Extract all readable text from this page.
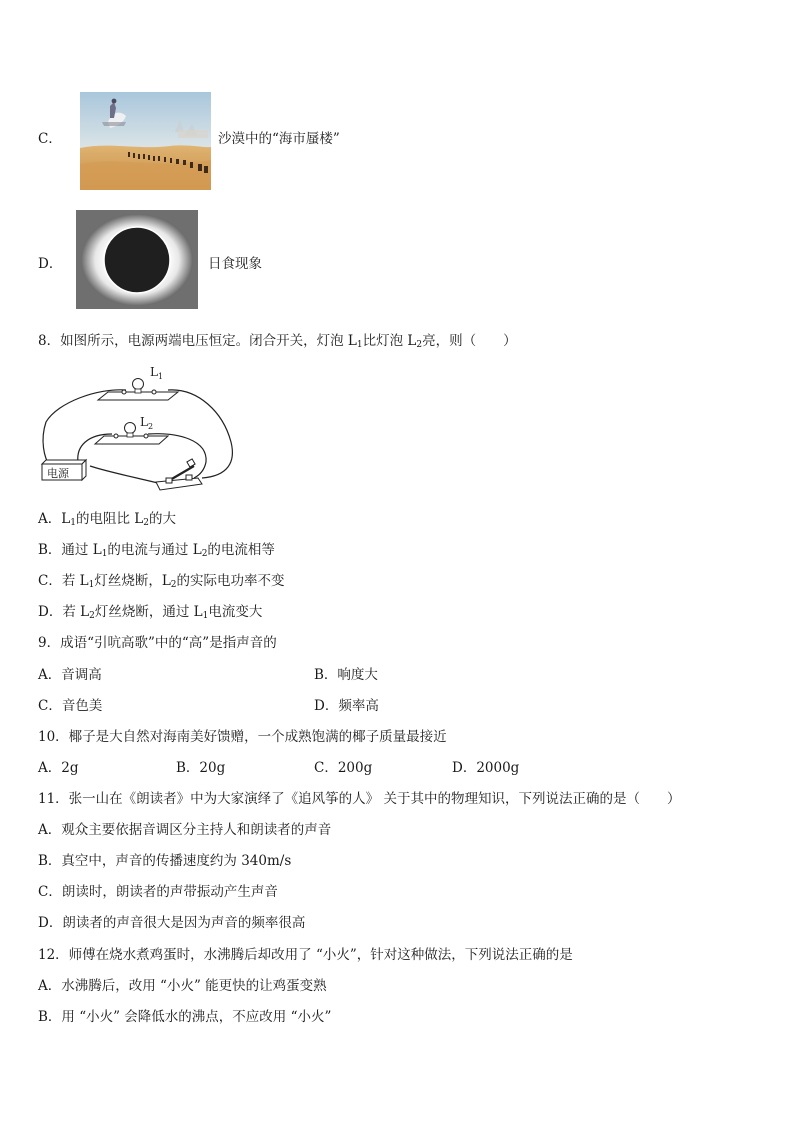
C．	沙漠中的“海市蜃楼”
D．	日食现象
8．如图所示，电源两端电压恒定。闭合开关，灯泡 $L_1$比灯泡 $L_2$亮，则（　　）
$L_1$
$L_2$
电源
A．$L_1$的电阻比 $L_2$的大
B．通过 $L_1$的电流与通过 $L_2$的电流相等
C．若 $L_1$灯丝烧断，$L_2$的实际电功率不变
D．若 $L_2$灯丝烧断，通过 $L_1$电流变大
9．成语“引吭高歌”中的“高”是指声音的
A．音调高	B．响度大
C．音色美	D．频率高
10．椰子是大自然对海南美好馈赠，一个成熟饱满的椰子质量最接近
A．2g	B．20g	C．200g	D．2000g
11．张一山在《朗读者》中为大家演绎了《追风筝的人》 关于其中的物理知识，下列说法正确的是（　　）
A．观众主要依据音调区分主持人和朗读者的声音
B．真空中，声音的传播速度约为 340m/s
C．朗读时，朗读者的声带振动产生声音
D．朗读者的声音很大是因为声音的频率很高
12．师傅在烧水煮鸡蛋时，水沸腾后却改用了 “小火”，针对这种做法，下列说法正确的是
A．水沸腾后，改用 “小火” 能更快的让鸡蛋变熟
B．用 “小火” 会降低水的沸点，不应改用 “小火”
